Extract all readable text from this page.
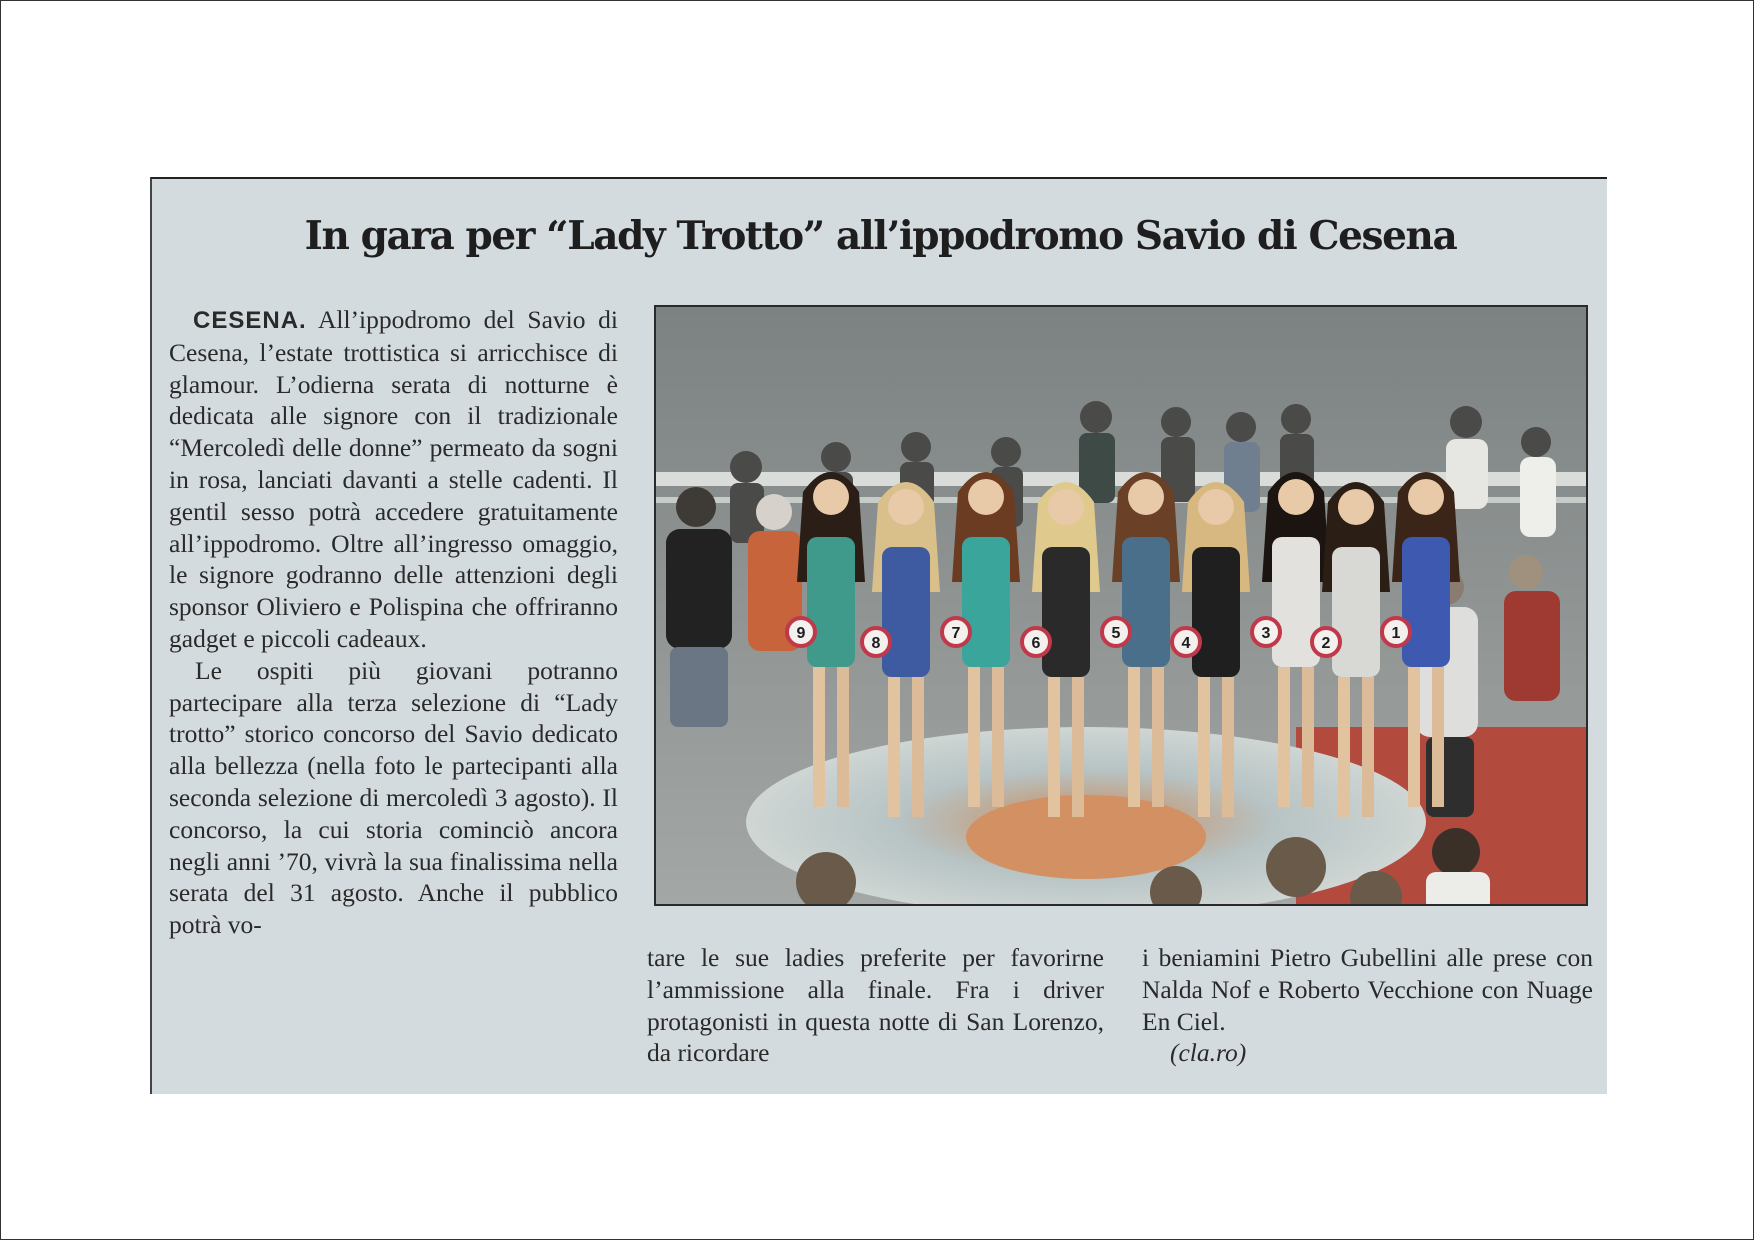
In gara per “Lady Trotto” all’ippodromo Savio di Cesena

CESENA. All’ippodromo del Savio di Cesena, l’estate trottistica si arricchisce di glamour. L’odierna serata di notturne è dedicata alle signore con il tradizionale “Mercoledì delle donne” permeato da sogni in rosa, lanciati davanti a stelle cadenti. Il gentil sesso potrà accedere gratuitamente all’ippodromo. Oltre all’ingresso omaggio, le signore godranno delle attenzioni degli sponsor Oliviero e Polispina che offriranno gadget e piccoli cadeaux.

Le ospiti più giovani potranno partecipare alla terza selezione di “Lady trotto” storico concorso del Savio dedicato alla bellezza (nella foto le partecipanti alla seconda selezione di mercoledì 3 agosto). Il concorso, la cui storia cominciò ancora negli anni ’70, vivrà la sua finalissima nella serata del 31 agosto. Anche il pubblico potrà vo-

9
8
7
6
5
4
3
2
1

tare le sue ladies preferite per favorirne l’ammissione alla finale. Fra i driver protagonisti in questa notte di San Lorenzo, da ricordare

i beniamini Pietro Gubellini alle prese con Nalda Nof e Roberto Vecchione con Nuage En Ciel.

(cla.ro)
